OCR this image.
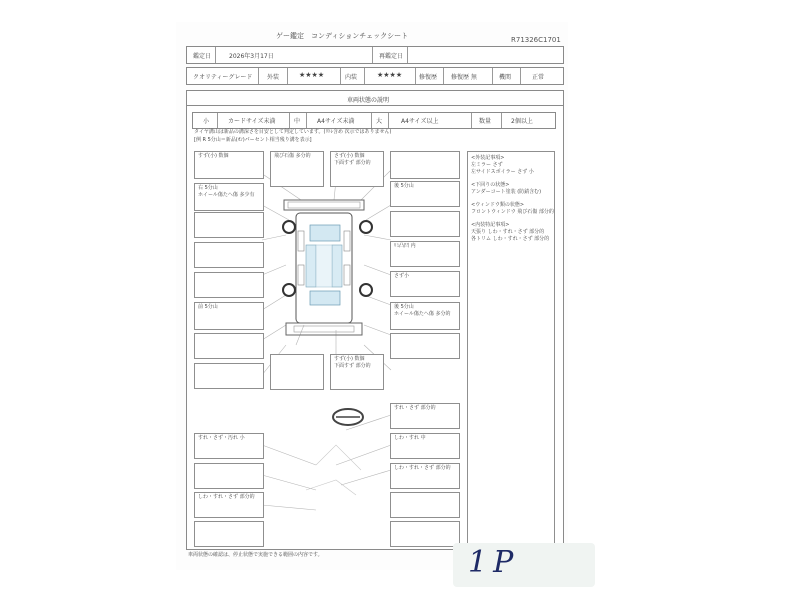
ゲー鑑定　コンディションチェックシート	R71326C1701
鑑定日	2026年3月17日	再鑑定日
クオリティーグレード 外装	★★★★	内装	★★★★	修復歴 修復歴 無	機関	正常
車両状態の説明
小	カードサイズ未満	中	A4サイズ未満	大	A4サイズ以上	数量	2個以上
タイヤ溝山は新品の溝深さを目安として判定しています。(ﾘﾄﾚ含め 次示ではありません)
[例 R 5分山＝新品(ｵﾝ)パーセント相当残り溝を表示]
すず(小) 数個
右 5分山
ホイール傷たへ傷 多少有
前 5分山
すれ・さず・汚れ 小
しわ・すれ・さず 部分的
飛び石傷 多分的	さず(小) 数個
下面すず 部分的
すず(小) 数個
下面すず 部分的
後 5分山
ﾘﾐ凸凹 内
さず小
後 5分山
ホイール傷たへ傷 多分的
すれ・さず 部分的
しわ・すれ 中
しわ・すれ・さず 部分的
<外装記事項>
左ミラー さず
左サイドスポイラー さず 小
<下回りの状態>
アンダーコート塗装 (防錆含む)
<ウィンドウ類の状態>
フロントウィンドウ 飛び石傷 部分的
<内装特記事項>
天張り しわ・すれ・さず 部分的
各トリム しわ・すれ・さず 部分的
車両状態の確認は、停止状態で実施できる範囲の内容です。	1P
